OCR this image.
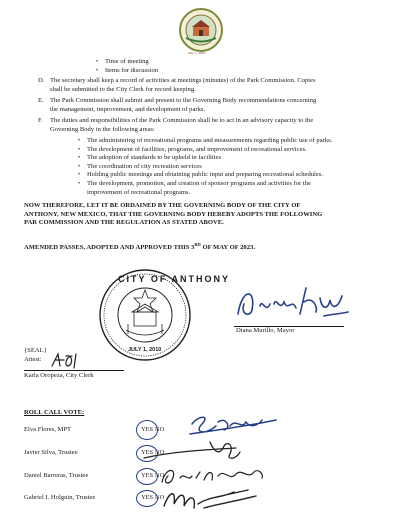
July 1, 2010

• Time of meeting

• Items for discussion

D. The secretary shall keep a record of activities at meetings (minutes) of the Park Commission. Copies

shall be submitted to the City Clerk for record keeping.

E. The Park Commission shall submit and present to the Governing Body recommendations concerning

the management, improvement, and development of parks.

F. The duties and responsibilities of the Park Commission shall be to act in an advisory capacity to the

Governing Body in the following areas:

• The administering of recreational programs and measurements regarding public use of parks.

• The development of facilities, programs, and improvement of recreational services.

• The adoption of standards to be upheld in facilities

• The coordination of city recreation services

• Holding public meetings and obtaining public input and preparing recreational schedules.

• The development, promotion, and creation of sponsor programs and activities for the

improvement of recreational programs.

NOW THEREFORE, LET IT BE ORDAINED BY THE GOVERNING BODY OF THE CITY OF

ANTHONY, NEW MEXICO, THAT THE GOVERNING BODY HEREBY ADOPTS THE FOLLOWING

PAR COMMISSION AND THE REGULATION AS STATED ABOVE.

AMENDED PASSES, ADOPTED AND APPROVED THIS 3RD OF MAY OF 2023.

CITY OF ANTHONY
JULY 1, 2010

Diana Murillo, Mayor

{SEAL}

Attest:

Karla Oropeza, City Clerk

ROLL CALL VOTE:

Elva Flores, MPT	YES NO
Javier Silva, Trustee	YES NO
Daniel Barreras, Trustee	YES NO
Gabriel I. Holguin, Trustee	YES NO
